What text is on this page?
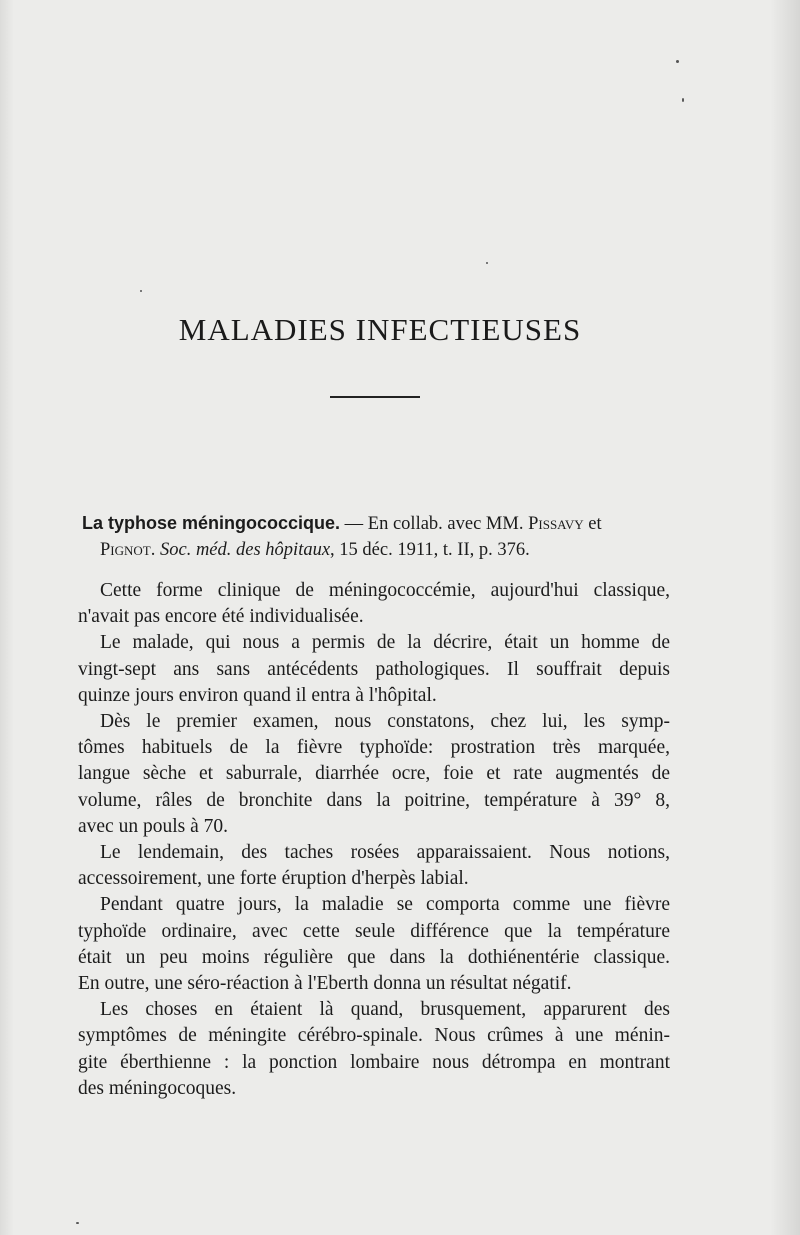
MALADIES INFECTIEUSES
La typhose méningococcique. — En collab. avec MM. Pissavy et
Pignot. Soc. méd. des hôpitaux, 15 déc. 1911, t. II, p. 376.
Cette forme clinique de méningococcémie, aujourd'hui classique,
n'avait pas encore été individualisée.
Le malade, qui nous a permis de la décrire, était un homme de
vingt-sept ans sans antécédents pathologiques. Il souffrait depuis
quinze jours environ quand il entra à l'hôpital.
Dès le premier examen, nous constatons, chez lui, les symp-
tômes habituels de la fièvre typhoïde: prostration très marquée,
langue sèche et saburrale, diarrhée ocre, foie et rate augmentés de
volume, râles de bronchite dans la poitrine, température à 39° 8,
avec un pouls à 70.
Le lendemain, des taches rosées apparaissaient. Nous notions,
accessoirement, une forte éruption d'herpès labial.
Pendant quatre jours, la maladie se comporta comme une fièvre
typhoïde ordinaire, avec cette seule différence que la température
était un peu moins régulière que dans la dothiénentérie classique.
En outre, une séro-réaction à l'Eberth donna un résultat négatif.
Les choses en étaient là quand, brusquement, apparurent des
symptômes de méningite cérébro-spinale. Nous crûmes à une ménin-
gite éberthienne : la ponction lombaire nous détrompa en montrant
des méningocoques.
